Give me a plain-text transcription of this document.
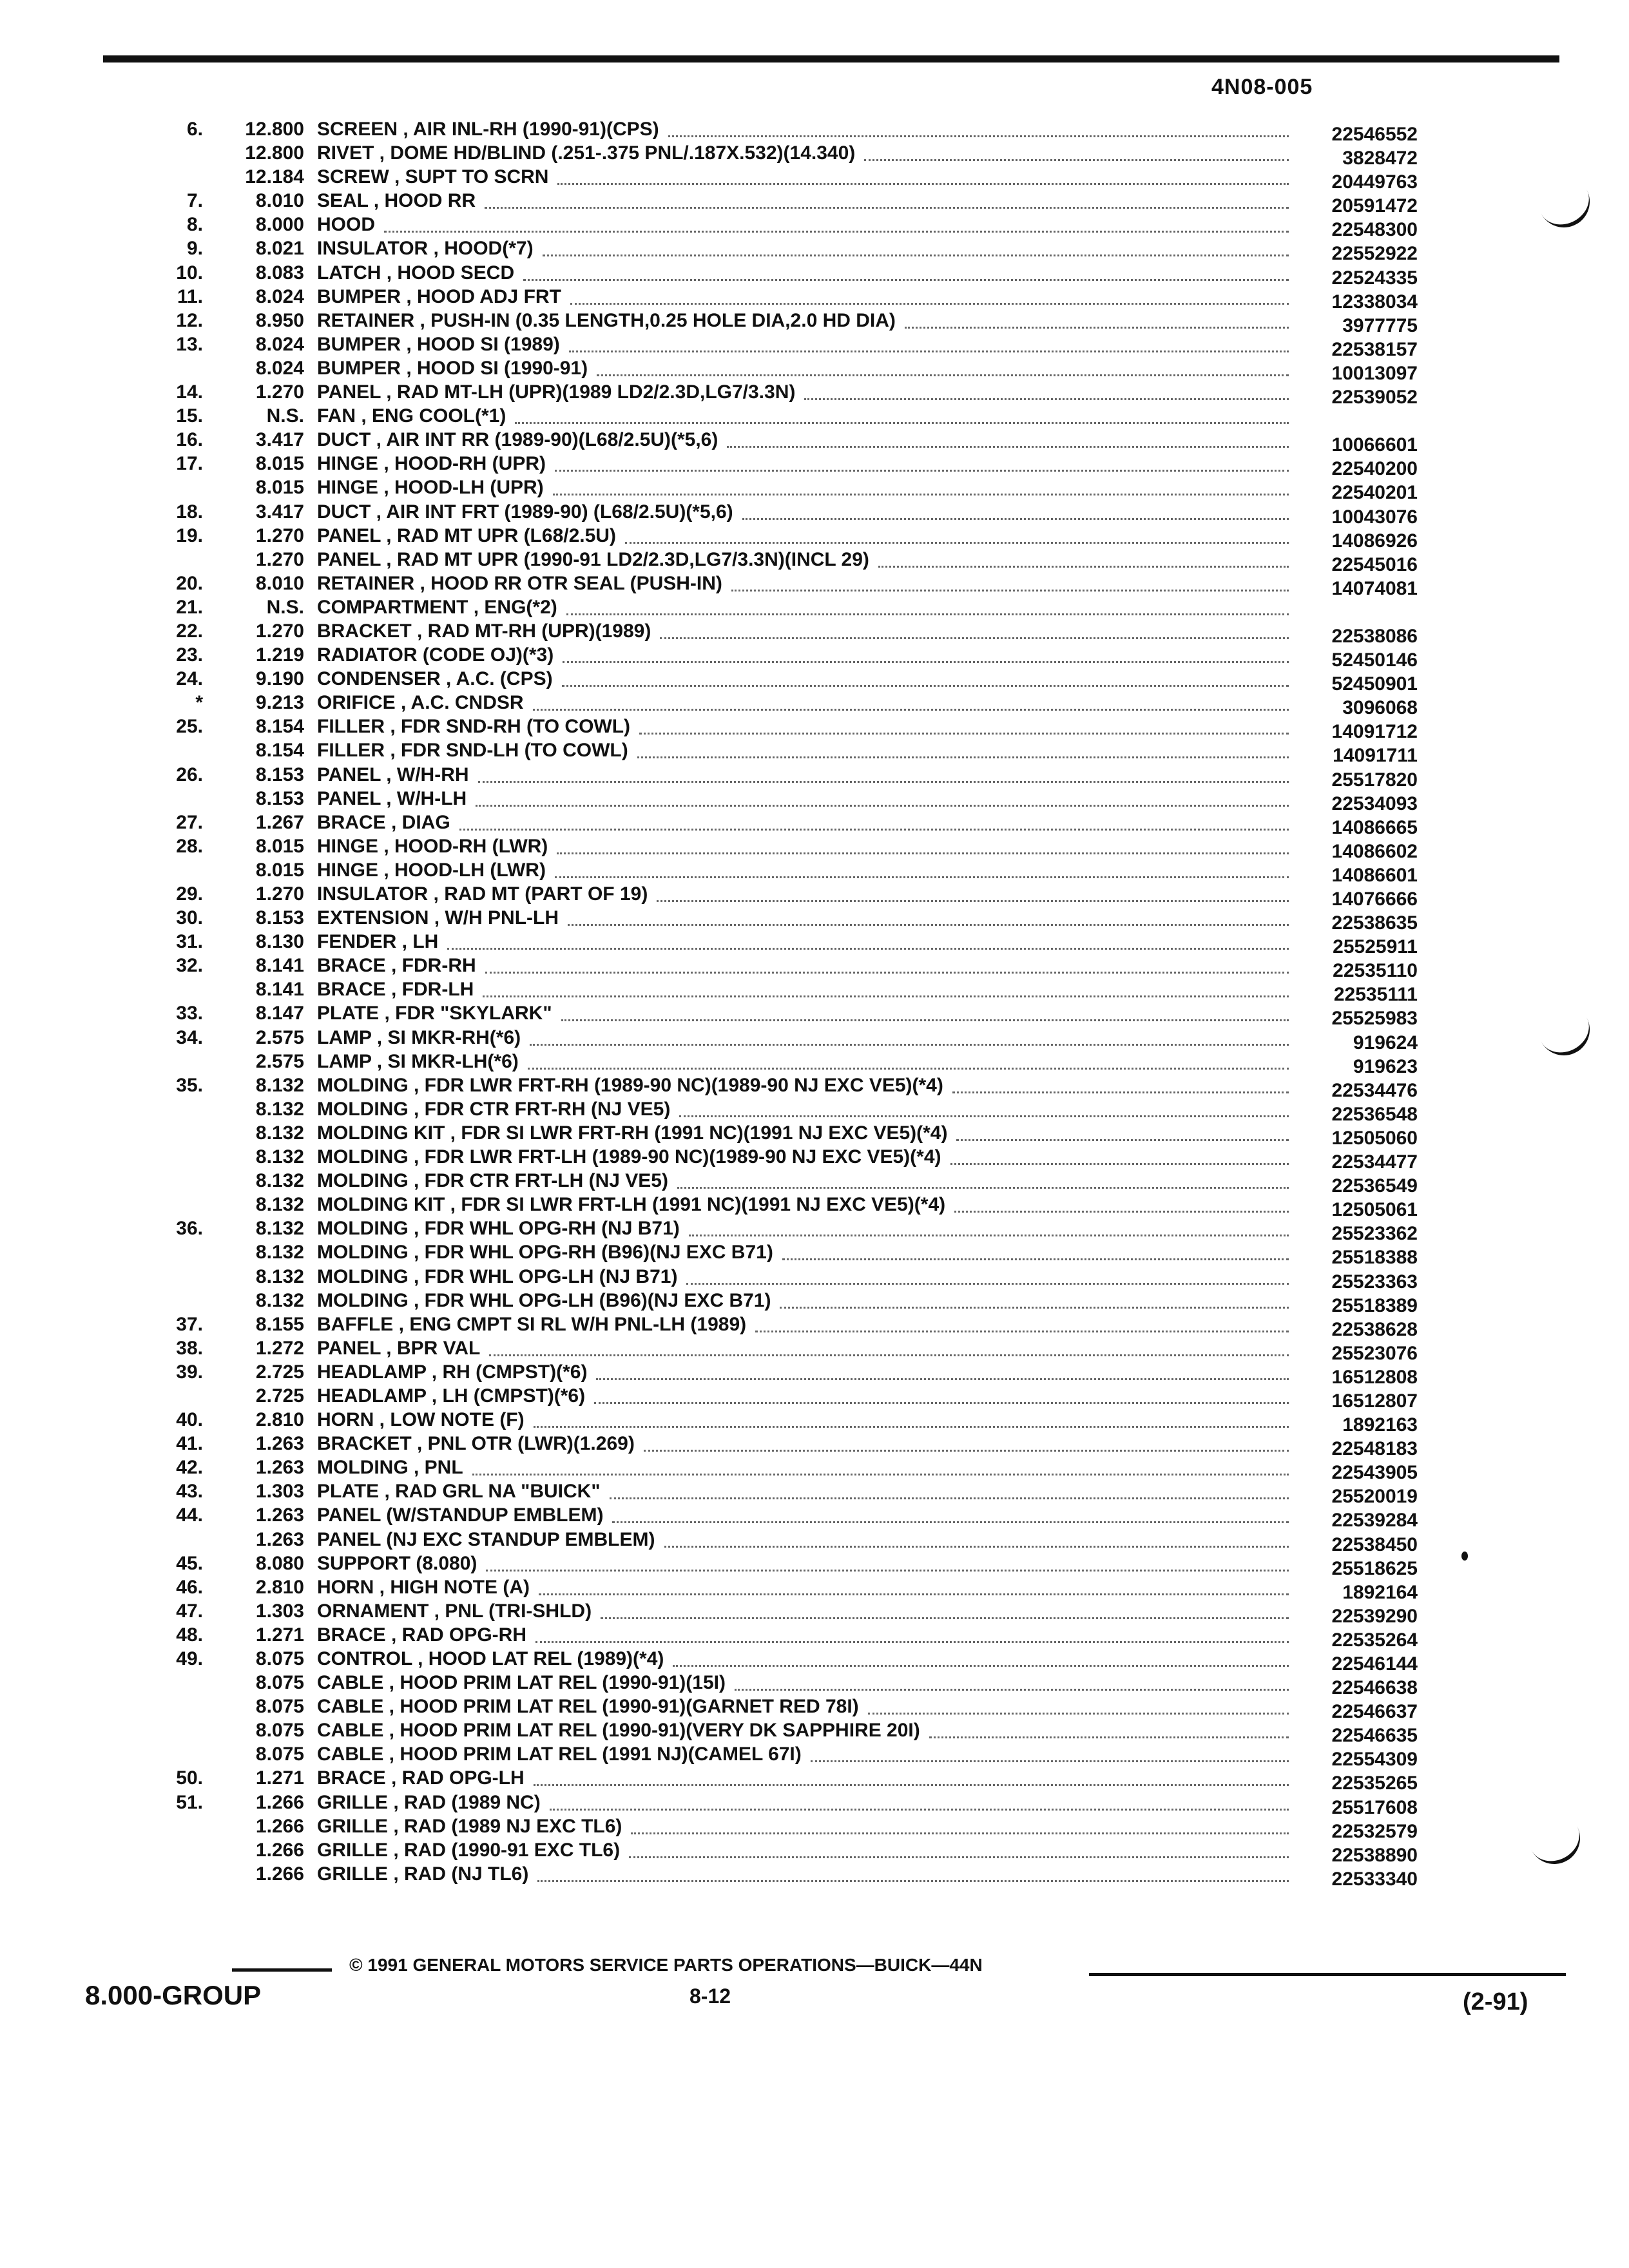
4N08-005
6.	12.800 SCREEN , AIR INL-RH (1990-91)(CPS)	22546552
12.800 RIVET , DOME HD/BLIND (.251-.375 PNL/.187X.532)(14.340)	3828472
12.184 SCREW , SUPT TO SCRN	20449763
7.	8.010 SEAL , HOOD RR	20591472
8.	8.000 HOOD	22548300
9.	8.021 INSULATOR , HOOD(*7)	22552922
10.	8.083 LATCH , HOOD SECD	22524335
11.	8.024 BUMPER , HOOD ADJ FRT	12338034
12.	8.950 RETAINER , PUSH-IN (0.35 LENGTH,0.25 HOLE DIA,2.0 HD DIA)	3977775
13.	8.024 BUMPER , HOOD SI (1989)	22538157
8.024 BUMPER , HOOD SI (1990-91)	10013097
14.	1.270 PANEL , RAD MT-LH (UPR)(1989 LD2/2.3D,LG7/3.3N)	22539052
15.	N.S. FAN , ENG COOL(*1)
16.	3.417 DUCT , AIR INT RR (1989-90)(L68/2.5U)(*5,6)	10066601
17.	8.015 HINGE , HOOD-RH (UPR)	22540200
8.015 HINGE , HOOD-LH (UPR)	22540201
18.	3.417 DUCT , AIR INT FRT (1989-90) (L68/2.5U)(*5,6)	10043076
19.	1.270 PANEL , RAD MT UPR (L68/2.5U)	14086926
1.270 PANEL , RAD MT UPR (1990-91 LD2/2.3D,LG7/3.3N)(INCL 29)	22545016
20.	8.010 RETAINER , HOOD RR OTR SEAL (PUSH-IN)	14074081
21.	N.S. COMPARTMENT , ENG(*2)
22.	1.270 BRACKET , RAD MT-RH (UPR)(1989)	22538086
23.	1.219 RADIATOR (CODE OJ)(*3)	52450146
24.	9.190 CONDENSER , A.C. (CPS)	52450901
*	9.213 ORIFICE , A.C. CNDSR	3096068
25.	8.154 FILLER , FDR SND-RH (TO COWL)	14091712
8.154 FILLER , FDR SND-LH (TO COWL)	14091711
26.	8.153 PANEL , W/H-RH	25517820
8.153 PANEL , W/H-LH	22534093
27.	1.267 BRACE , DIAG	14086665
28.	8.015 HINGE , HOOD-RH (LWR)	14086602
8.015 HINGE , HOOD-LH (LWR)	14086601
29.	1.270 INSULATOR , RAD MT (PART OF 19)	14076666
30.	8.153 EXTENSION , W/H PNL-LH	22538635
31.	8.130 FENDER , LH	25525911
32.	8.141 BRACE , FDR-RH	22535110
8.141 BRACE , FDR-LH	22535111
33.	8.147 PLATE , FDR "SKYLARK"	25525983
34.	2.575 LAMP , SI MKR-RH(*6)	919624
2.575 LAMP , SI MKR-LH(*6)	919623
35.	8.132 MOLDING , FDR LWR FRT-RH (1989-90 NC)(1989-90 NJ EXC VE5)(*4)	22534476
8.132 MOLDING , FDR CTR FRT-RH (NJ VE5)	22536548
8.132 MOLDING KIT , FDR SI LWR FRT-RH (1991 NC)(1991 NJ EXC VE5)(*4)	12505060
8.132 MOLDING , FDR LWR FRT-LH (1989-90 NC)(1989-90 NJ EXC VE5)(*4)	22534477
8.132 MOLDING , FDR CTR FRT-LH (NJ VE5)	22536549
8.132 MOLDING KIT , FDR SI LWR FRT-LH (1991 NC)(1991 NJ EXC VE5)(*4)	12505061
36.	8.132 MOLDING , FDR WHL OPG-RH (NJ B71)	25523362
8.132 MOLDING , FDR WHL OPG-RH (B96)(NJ EXC B71)	25518388
8.132 MOLDING , FDR WHL OPG-LH (NJ B71)	25523363
8.132 MOLDING , FDR WHL OPG-LH (B96)(NJ EXC B71)	25518389
37.	8.155 BAFFLE , ENG CMPT SI RL W/H PNL-LH (1989)	22538628
38.	1.272 PANEL , BPR VAL	25523076
39.	2.725 HEADLAMP , RH (CMPST)(*6)	16512808
2.725 HEADLAMP , LH (CMPST)(*6)	16512807
40.	2.810 HORN , LOW NOTE (F)	1892163
41.	1.263 BRACKET , PNL OTR (LWR)(1.269)	22548183
42.	1.263 MOLDING , PNL	22543905
43.	1.303 PLATE , RAD GRL NA "BUICK"	25520019
44.	1.263 PANEL (W/STANDUP EMBLEM)	22539284
1.263 PANEL (NJ EXC STANDUP EMBLEM)	22538450
45.	8.080 SUPPORT (8.080)	25518625
46.	2.810 HORN , HIGH NOTE (A)	1892164
47.	1.303 ORNAMENT , PNL (TRI-SHLD)	22539290
48.	1.271 BRACE , RAD OPG-RH	22535264
49.	8.075 CONTROL , HOOD LAT REL (1989)(*4)	22546144
8.075 CABLE , HOOD PRIM LAT REL (1990-91)(15I)	22546638
8.075 CABLE , HOOD PRIM LAT REL (1990-91)(GARNET RED 78I)	22546637
8.075 CABLE , HOOD PRIM LAT REL (1990-91)(VERY DK SAPPHIRE 20I)	22546635
8.075 CABLE , HOOD PRIM LAT REL (1991 NJ)(CAMEL 67I)	22554309
50.	1.271 BRACE , RAD OPG-LH	22535265
51.	1.266 GRILLE , RAD (1989 NC)	25517608
1.266 GRILLE , RAD (1989 NJ EXC TL6)	22532579
1.266 GRILLE , RAD (1990-91 EXC TL6)	22538890
1.266 GRILLE , RAD (NJ TL6)	22533340
8.000-GROUP
© 1991 GENERAL MOTORS SERVICE PARTS OPERATIONS—BUICK—44N
8-12	(2-91)
